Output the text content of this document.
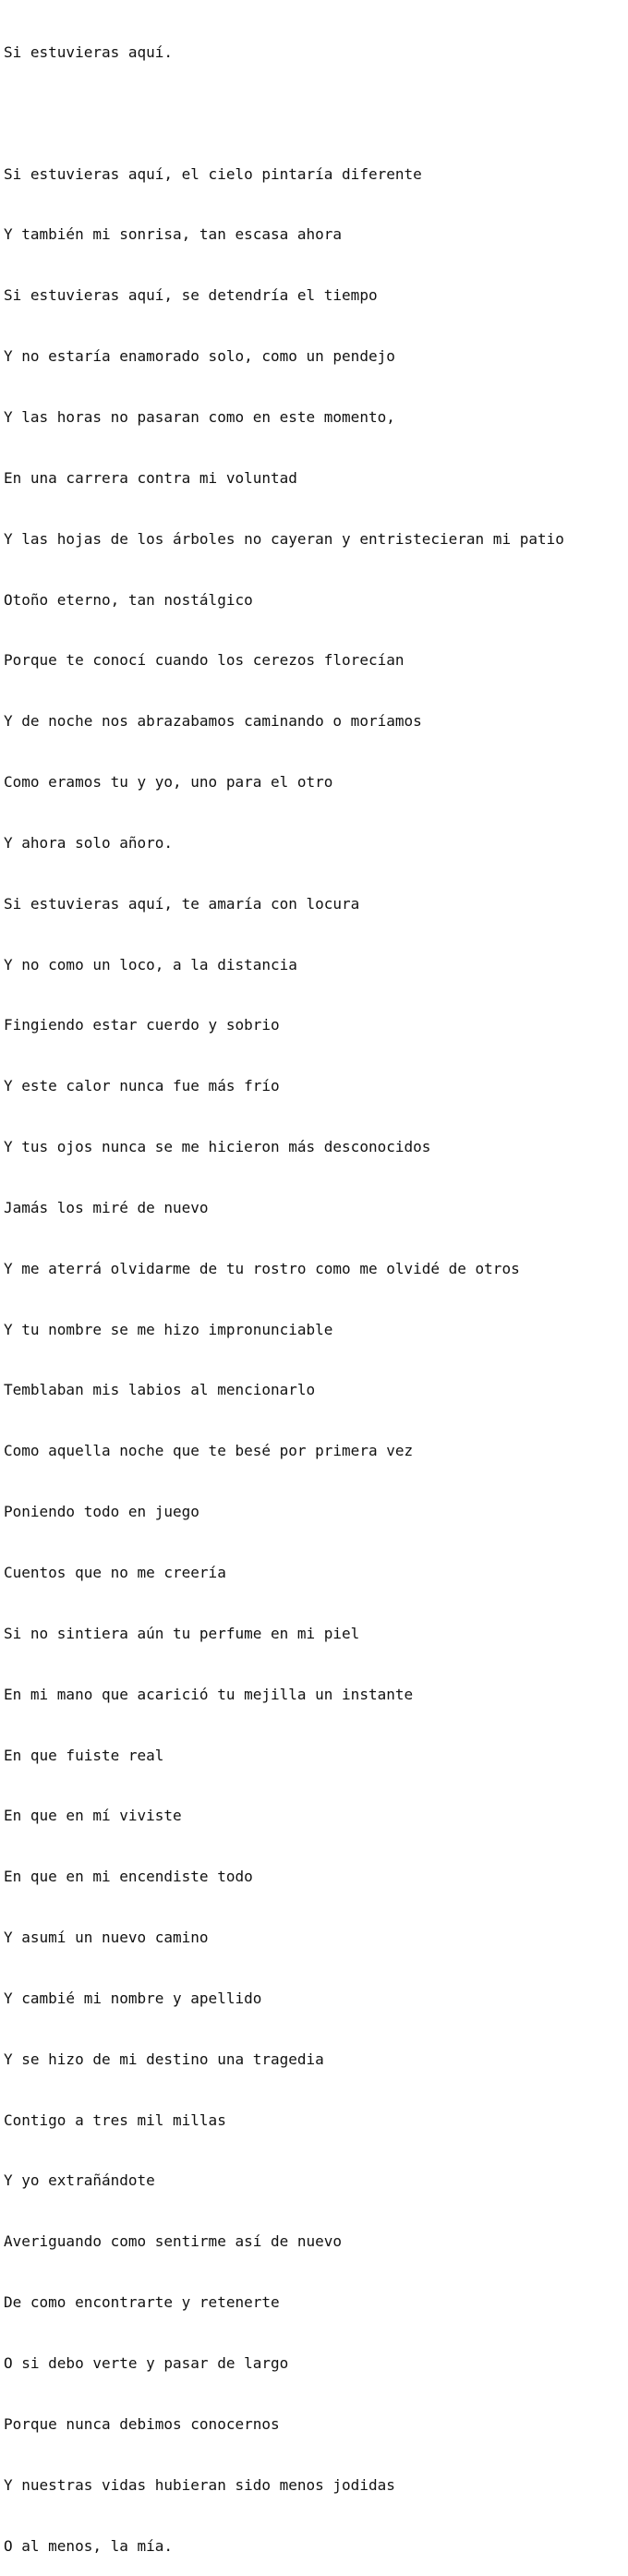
Si estuvieras aquí.

Si estuvieras aquí, el cielo pintaría diferente

Y también mi sonrisa, tan escasa ahora

Si estuvieras aquí, se detendría el tiempo

Y no estaría enamorado solo, como un pendejo

Y las horas no pasaran como en este momento,

En una carrera contra mi voluntad

Y las hojas de los árboles no cayeran y entristecieran mi patio

Otoño eterno, tan nostálgico

Porque te conocí cuando los cerezos florecían

Y de noche nos abrazabamos caminando o moríamos

Como eramos tu y yo, uno para el otro

Y ahora solo añoro.

Si estuvieras aquí, te amaría con locura

Y no como un loco, a la distancia

Fingiendo estar cuerdo y sobrio

Y este calor nunca fue más frío

Y tus ojos nunca se me hicieron más desconocidos

Jamás los miré de nuevo

Y me aterrá olvidarme de tu rostro como me olvidé de otros

Y tu nombre se me hizo impronunciable

Temblaban mis labios al mencionarlo

Como aquella noche que te besé por primera vez

Poniendo todo en juego

Cuentos que no me creería

Si no sintiera aún tu perfume en mi piel

En mi mano que acarició tu mejilla un instante

En que fuiste real

En que en mí viviste

En que en mi encendiste todo

Y asumí un nuevo camino

Y cambié mi nombre y apellido

Y se hizo de mi destino una tragedia

Contigo a tres mil millas

Y yo extrañándote

Averiguando como sentirme así de nuevo

De como encontrarte y retenerte

O si debo verte y pasar de largo

Porque nunca debimos conocernos

Y nuestras vidas hubieran sido menos jodidas

O al menos, la mía.
